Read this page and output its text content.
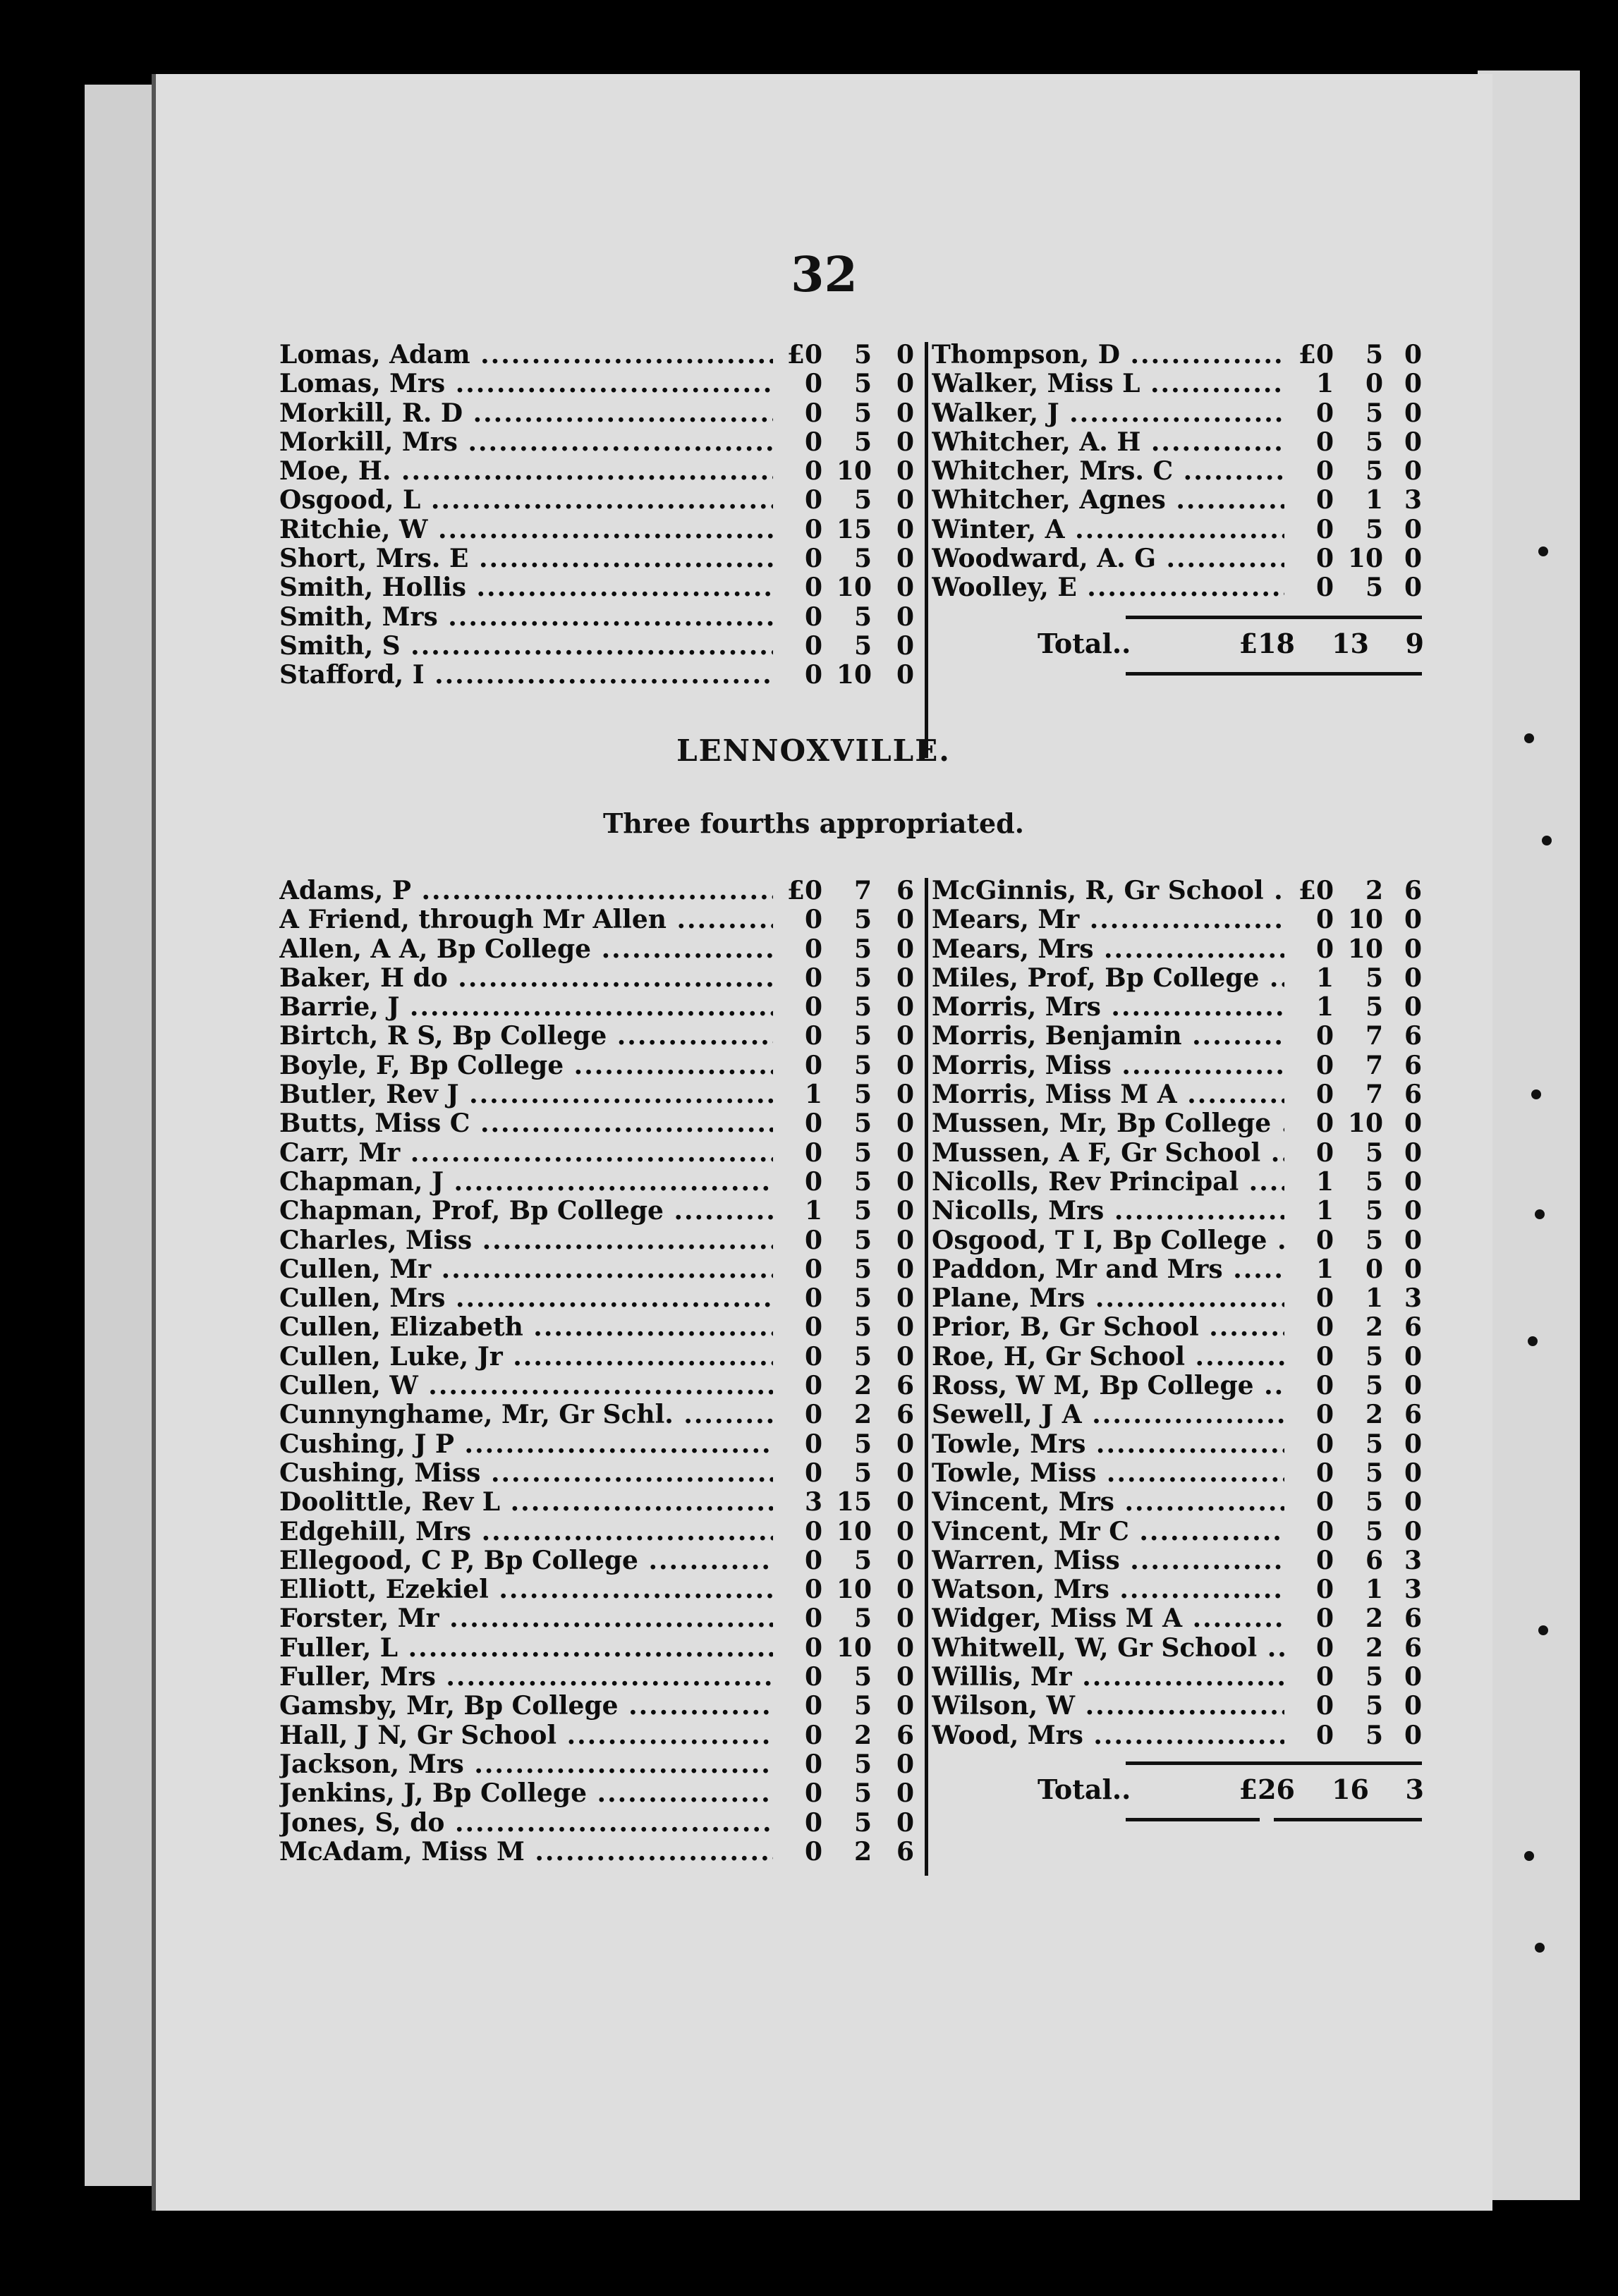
32
Lomas, Adam .....	£0 5 0
Lomas, Mrs .....	0 5 0
Morkill, R. D .....	0 5 0
Morkill, Mrs .....	0 5 0
Moe, H. .....	0 10 0
Osgood, L .....	0 5 0
Ritchie, W .....	0 15 0
Short, Mrs. E .....	0 5 0
Smith, Hollis .....	0 10 0
Smith, Mrs .....	0 5 0
Smith, S .....	0 5 0
Stafford, I .....	0 10 0
Thompson, D .....	£0 5 0
Walker, Miss L .....	1 0 0
Walker, J .....	0 5 0
Whitcher, A. H .....	0 5 0
Whitcher, Mrs. C .....	0 5 0
Whitcher, Agnes .....	0 1 3
Winter, A .....	0 5 0
Woodward, A. G .....	0 10 0
Woolley, E .....	0 5 0
Total..	£18 13 9
LENNOXVILLE.
Three fourths appropriated.
Adams, P .....	£0 7 6
A Friend, through Mr Allen .....	0 5 0
Allen, A A, Bp College .....	0 5 0
Baker, H do .....	0 5 0
Barrie, J .....	0 5 0
Birtch, R S, Bp College .....	0 5 0
Boyle, F, Bp College .....	0 5 0
Butler, Rev J .....	1 5 0
Butts, Miss C .....	0 5 0
Carr, Mr .....	0 5 0
Chapman, J .....	0 5 0
Chapman, Prof, Bp College .....	1 5 0
Charles, Miss .....	0 5 0
Cullen, Mr .....	0 5 0
Cullen, Mrs .....	0 5 0
Cullen, Elizabeth .....	0 5 0
Cullen, Luke, Jr .....	0 5 0
Cullen, W .....	0 2 6
Cunnynghame, Mr, Gr Schl. .....	0 2 6
Cushing, J P .....	0 5 0
Cushing, Miss .....	0 5 0
Doolittle, Rev L .....	3 15 0
Edgehill, Mrs .....	0 10 0
Ellegood, C P, Bp College .....	0 5 0
Elliott, Ezekiel .....	0 10 0
Forster, Mr .....	0 5 0
Fuller, L .....	0 10 0
Fuller, Mrs .....	0 5 0
Gamsby, Mr, Bp College .....	0 5 0
Hall, J N, Gr School .....	0 2 6
Jackson, Mrs .....	0 5 0
Jenkins, J, Bp College .....	0 5 0
Jones, S, do .....	0 5 0
McAdam, Miss M .....	0 2 6
McGinnis, R, Gr School .....	£0 2 6
Mears, Mr .....	0 10 0
Mears, Mrs .....	0 10 0
Miles, Prof, Bp College .....	1 5 0
Morris, Mrs .....	1 5 0
Morris, Benjamin .....	0 7 6
Morris, Miss .....	0 7 6
Morris, Miss M A .....	0 7 6
Mussen, Mr, Bp College .....	0 10 0
Mussen, A F, Gr School .....	0 5 0
Nicolls, Rev Principal .....	1 5 0
Nicolls, Mrs .....	1 5 0
Osgood, T I, Bp College .....	0 5 0
Paddon, Mr and Mrs .....	1 0 0
Plane, Mrs .....	0 1 3
Prior, B, Gr School .....	0 2 6
Roe, H, Gr School .....	0 5 0
Ross, W M, Bp College .....	0 5 0
Sewell, J A .....	0 2 6
Towle, Mrs .....	0 5 0
Towle, Miss .....	0 5 0
Vincent, Mrs .....	0 5 0
Vincent, Mr C .....	0 5 0
Warren, Miss .....	0 6 3
Watson, Mrs .....	0 1 3
Widger, Miss M A .....	0 2 6
Whitwell, W, Gr School .....	0 2 6
Willis, Mr .....	0 5 0
Wilson, W .....	0 5 0
Wood, Mrs .....	0 5 0
Total..	£26 16 3
